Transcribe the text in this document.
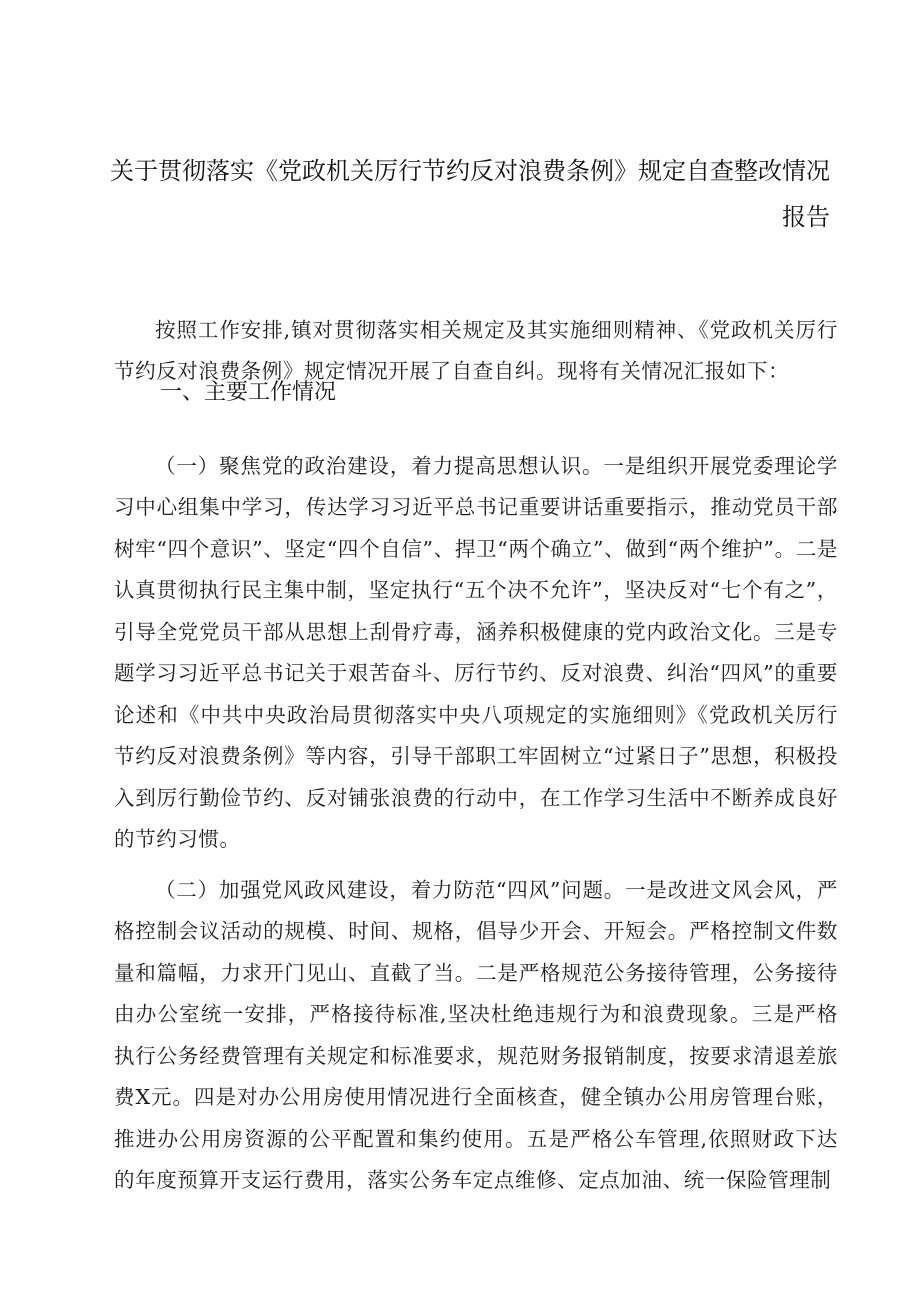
关于贯彻落实《党政机关厉行节约反对浪费条例》规定自查整改情况
报告

按照工作安排,镇对贯彻落实相关规定及其实施细则精神、《党政机关厉行节约反对浪费条例》规定情况开展了自查自纠。现将有关情况汇报如下：

一、主要工作情况

（一）聚焦党的政治建设，着力提高思想认识。一是组织开展党委理论学习中心组集中学习，传达学习习近平总书记重要讲话重要指示，推动党员干部树牢“四个意识”、坚定“四个自信”、捍卫“两个确立”、做到“两个维护”。二是认真贯彻执行民主集中制，坚定执行“五个决不允许”，坚决反对“七个有之”，引导全党党员干部从思想上刮骨疗毒，涵养积极健康的党内政治文化。三是专题学习习近平总书记关于艰苦奋斗、厉行节约、反对浪费、纠治“四风”的重要论述和《中共中央政治局贯彻落实中央八项规定的实施细则》《党政机关厉行节约反对浪费条例》等内容，引导干部职工牢固树立“过紧日子”思想，积极投入到厉行勤俭节约、反对铺张浪费的行动中，在工作学习生活中不断养成良好的节约习惯。

（二）加强党风政风建设，着力防范“四风”问题。一是改进文风会风，严格控制会议活动的规模、时间、规格，倡导少开会、开短会。严格控制文件数量和篇幅，力求开门见山、直截了当。二是严格规范公务接待管理，公务接待由办公室统一安排，严格接待标准,坚决杜绝违规行为和浪费现象。三是严格执行公务经费管理有关规定和标准要求，规范财务报销制度，按要求清退差旅费X元。四是对办公用房使用情况进行全面核查，健全镇办公用房管理台账，推进办公用房资源的公平配置和集约使用。五是严格公车管理,依照财政下达的年度预算开支运行费用，落实公务车定点维修、定点加油、统一保险管理制
